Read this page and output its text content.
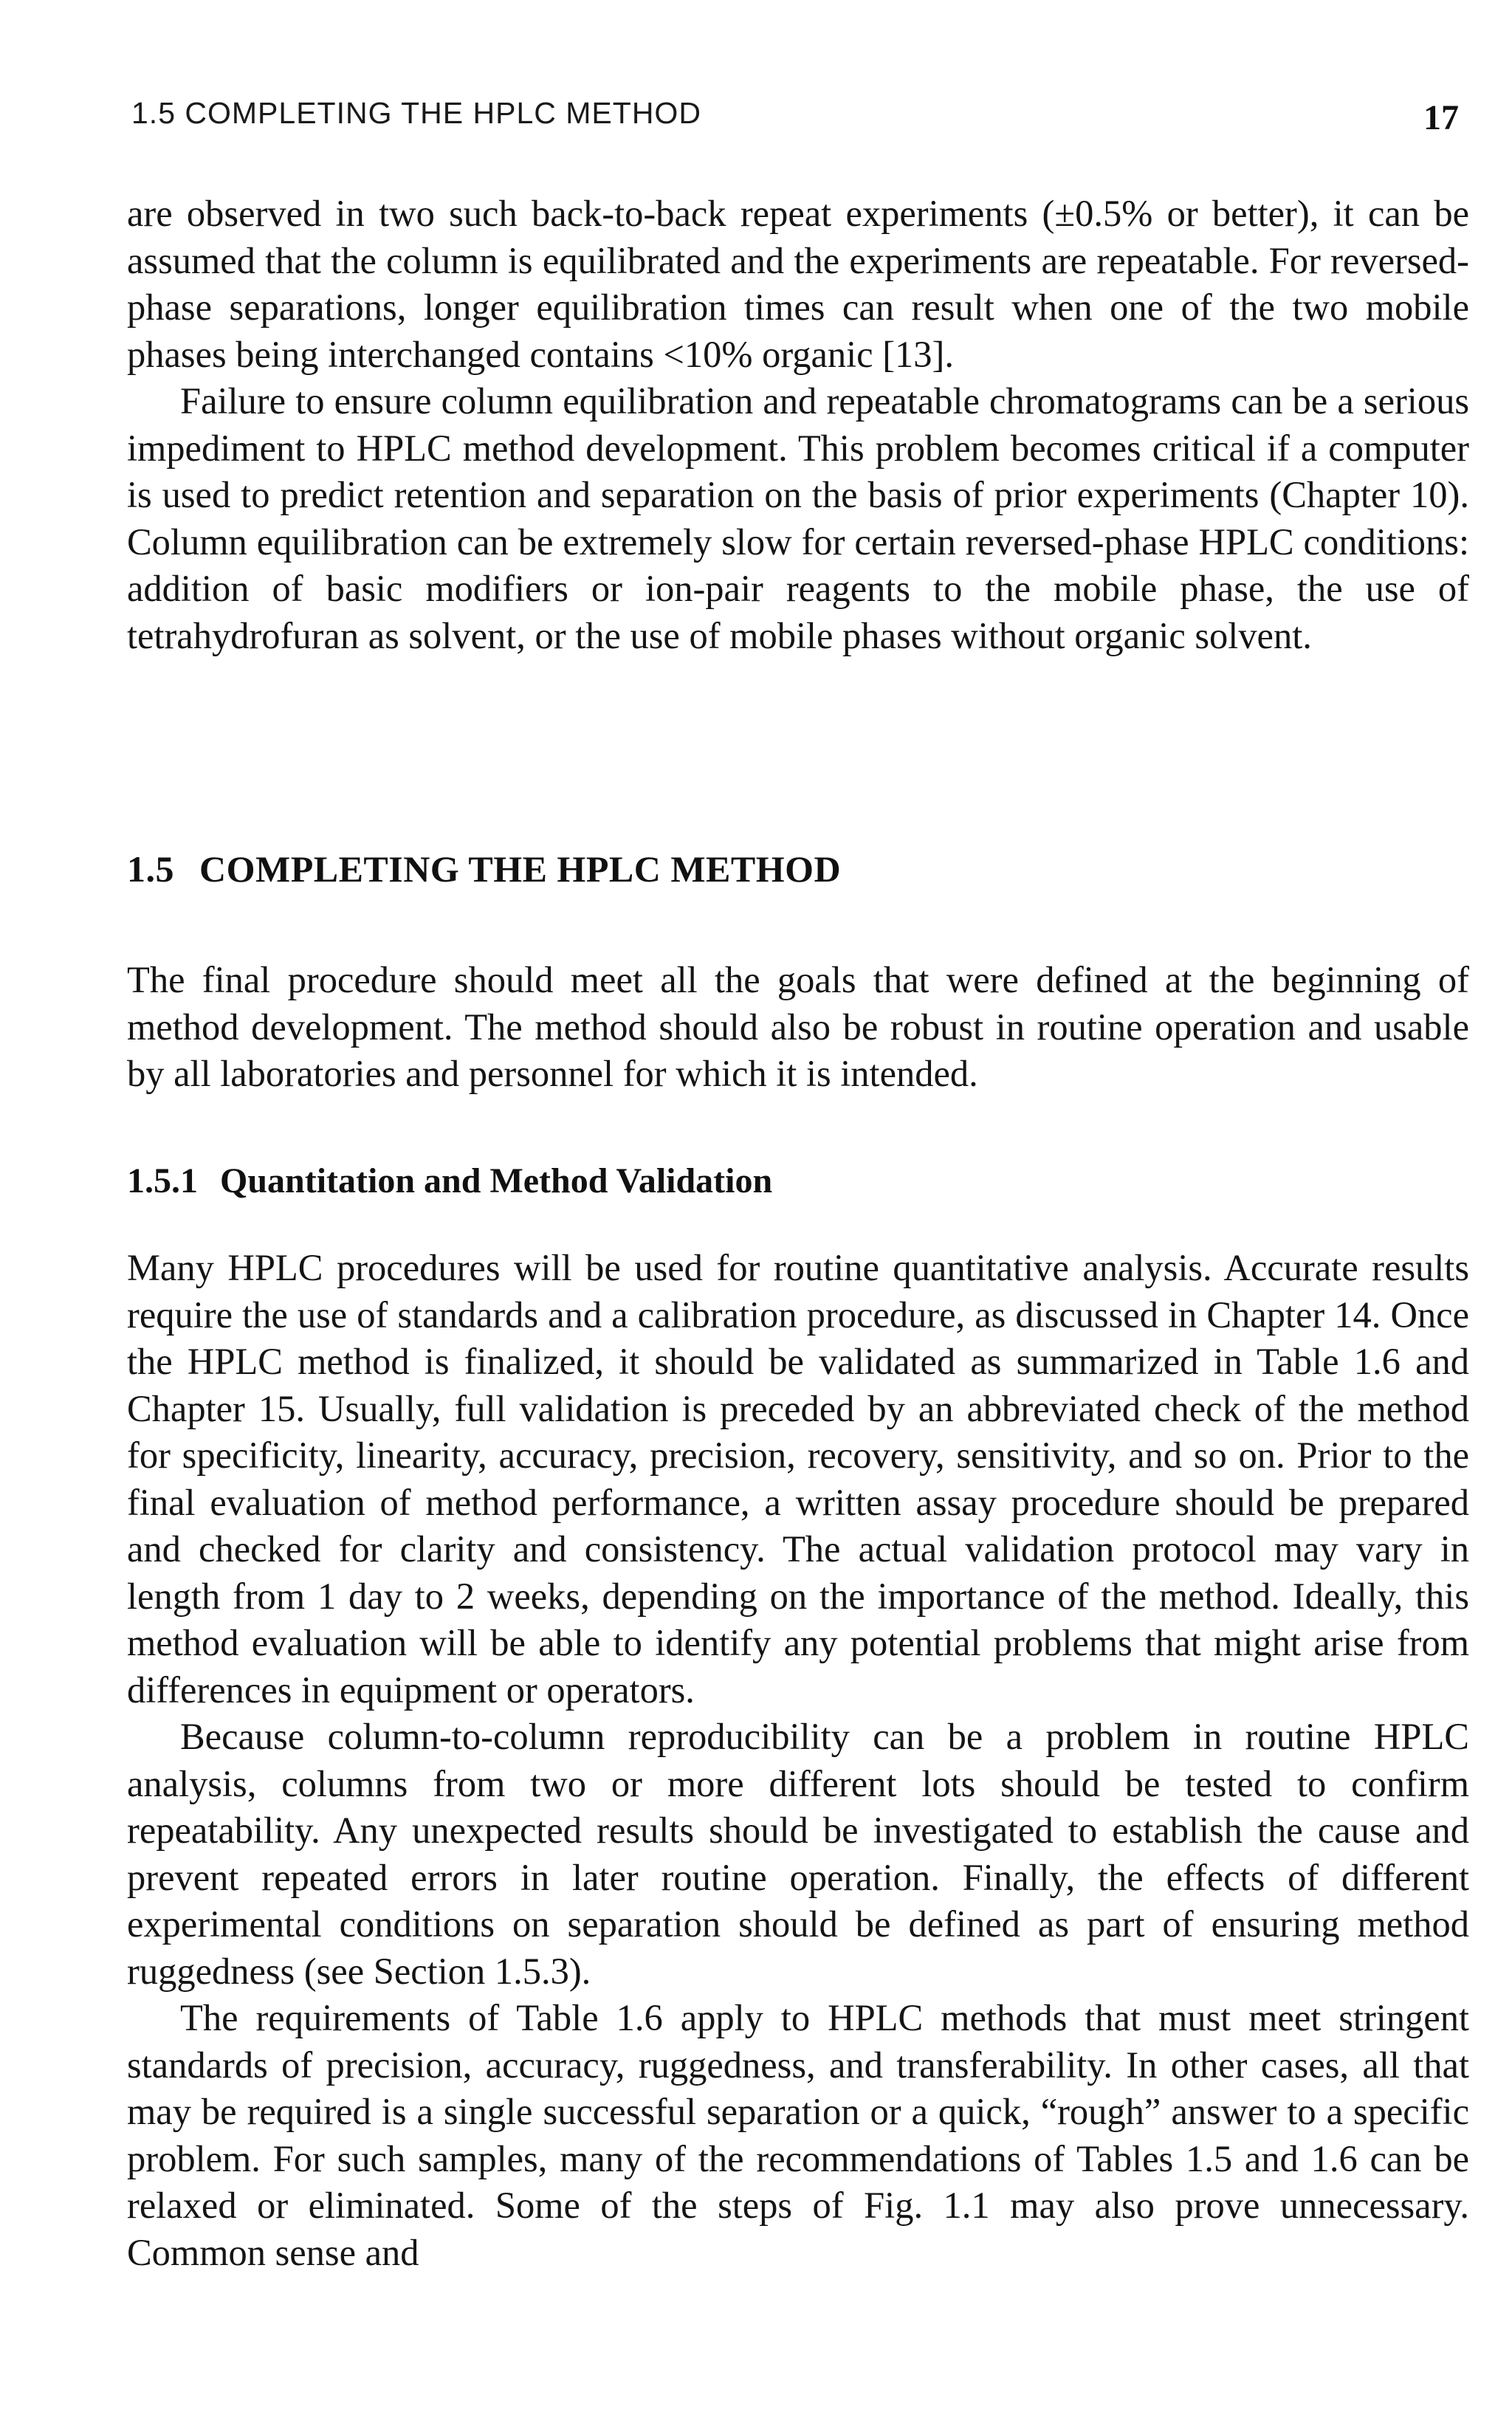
1.5 COMPLETING THE HPLC METHOD	17

are observed in two such back-to-back repeat experiments (±0.5% or better), it can be assumed that the column is equilibrated and the experiments are repeatable. For reversed-phase separations, longer equilibration times can result when one of the two mobile phases being interchanged contains <10% organic [13].

Failure to ensure column equilibration and repeatable chromatograms can be a serious impediment to HPLC method development. This problem becomes critical if a computer is used to predict retention and separation on the basis of prior experiments (Chapter 10). Column equilibration can be extremely slow for certain reversed-phase HPLC conditions: addition of basic modifiers or ion-pair reagents to the mobile phase, the use of tetrahydrofuran as solvent, or the use of mobile phases without organic solvent.

1.5 COMPLETING THE HPLC METHOD

The final procedure should meet all the goals that were defined at the beginning of method development. The method should also be robust in routine operation and usable by all laboratories and personnel for which it is intended.

1.5.1 Quantitation and Method Validation

Many HPLC procedures will be used for routine quantitative analysis. Accurate results require the use of standards and a calibration procedure, as discussed in Chapter 14. Once the HPLC method is finalized, it should be validated as summarized in Table 1.6 and Chapter 15. Usually, full validation is preceded by an abbreviated check of the method for specificity, linearity, accuracy, precision, recovery, sensitivity, and so on. Prior to the final evaluation of method performance, a written assay procedure should be prepared and checked for clarity and consistency. The actual validation protocol may vary in length from 1 day to 2 weeks, depending on the importance of the method. Ideally, this method evaluation will be able to identify any potential problems that might arise from differences in equipment or operators.

Because column-to-column reproducibility can be a problem in routine HPLC analysis, columns from two or more different lots should be tested to confirm repeatability. Any unexpected results should be investigated to establish the cause and prevent repeated errors in later routine operation. Finally, the effects of different experimental conditions on separation should be defined as part of ensuring method ruggedness (see Section 1.5.3).

The requirements of Table 1.6 apply to HPLC methods that must meet stringent standards of precision, accuracy, ruggedness, and transferability. In other cases, all that may be required is a single successful separation or a quick, “rough” answer to a specific problem. For such samples, many of the recommendations of Tables 1.5 and 1.6 can be relaxed or eliminated. Some of the steps of Fig. 1.1 may also prove unnecessary. Common sense and
